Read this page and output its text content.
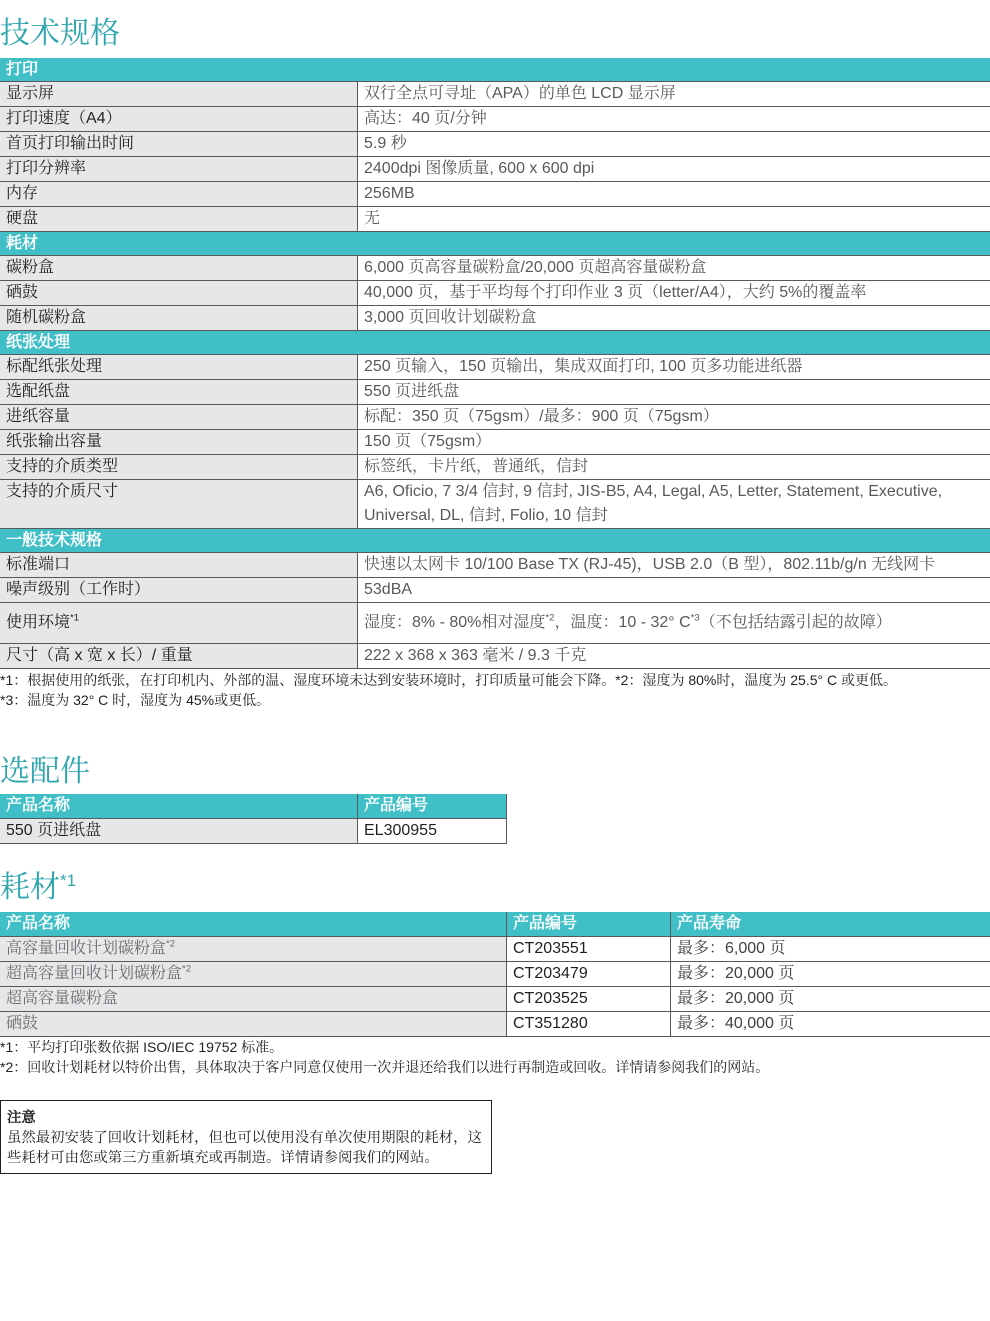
技术规格
打印
显示屏	双行全点可寻址（APA）的单色 LCD 显示屏
打印速度（A4）	高达：40 页/分钟
首页打印输出时间	5.9 秒
打印分辨率	2400dpi 图像质量, 600 x 600 dpi
内存	256MB
硬盘	无
耗材
碳粉盒	6,000 页高容量碳粉盒/20,000 页超高容量碳粉盒
硒鼓	40,000 页，基于平均每个打印作业 3 页（letter/A4），大约 5%的覆盖率
随机碳粉盒	3,000 页回收计划碳粉盒
纸张处理
标配纸张处理	250 页输入，150 页输出，集成双面打印, 100 页多功能进纸器
选配纸盘	550 页进纸盘
进纸容量	标配：350 页（75gsm）/最多：900 页（75gsm）
纸张输出容量	150 页（75gsm）
支持的介质类型	标签纸，卡片纸，普通纸，信封
支持的介质尺寸	A6, Oficio, 7 3/4 信封, 9 信封, JIS-B5, A4, Legal, A5, Letter, Statement, Executive, Universal, DL, 信封, Folio, 10 信封
一般技术规格
标准端口	快速以太网卡 10/100 Base TX (RJ-45)，USB 2.0（B 型），802.11b/g/n 无线网卡
噪声级别（工作时）	53dBA
使用环境$^{*1}$	湿度：8% - 80%相对湿度$^{*2}$，温度：10 - 32° C$^{*3}$（不包括结露引起的故障）
尺寸（高 x 宽 x 长）/ 重量	222 x 368 x 363 毫米 / 9.3 千克

*1：根据使用的纸张，在打印机内、外部的温、湿度环境未达到安装环境时，打印质量可能会下降。*2：湿度为 80%时，温度为 25.5° C 或更低。

*3：温度为 32° C 时，湿度为 45%或更低。

选配件
产品名称	产品编号
550 页进纸盘	EL300955
耗材$^{*1}$
产品名称	产品编号	产品寿命
高容量回收计划碳粉盒$^{*2}$	CT203551	最多：6,000 页
超高容量回收计划碳粉盒$^{*2}$	CT203479	最多：20,000 页
超高容量碳粉盒	CT203525	最多：20,000 页
硒鼓	CT351280	最多：40,000 页

*1：平均打印张数依据 ISO/IEC 19752 标准。

*2：回收计划耗材以特价出售，具体取决于客户同意仅使用一次并退还给我们以进行再制造或回收。详情请参阅我们的网站。

注意
虽然最初安装了回收计划耗材，但也可以使用没有单次使用期限的耗材，这些耗材可由您或第三方重新填充或再制造。详情请参阅我们的网站。
